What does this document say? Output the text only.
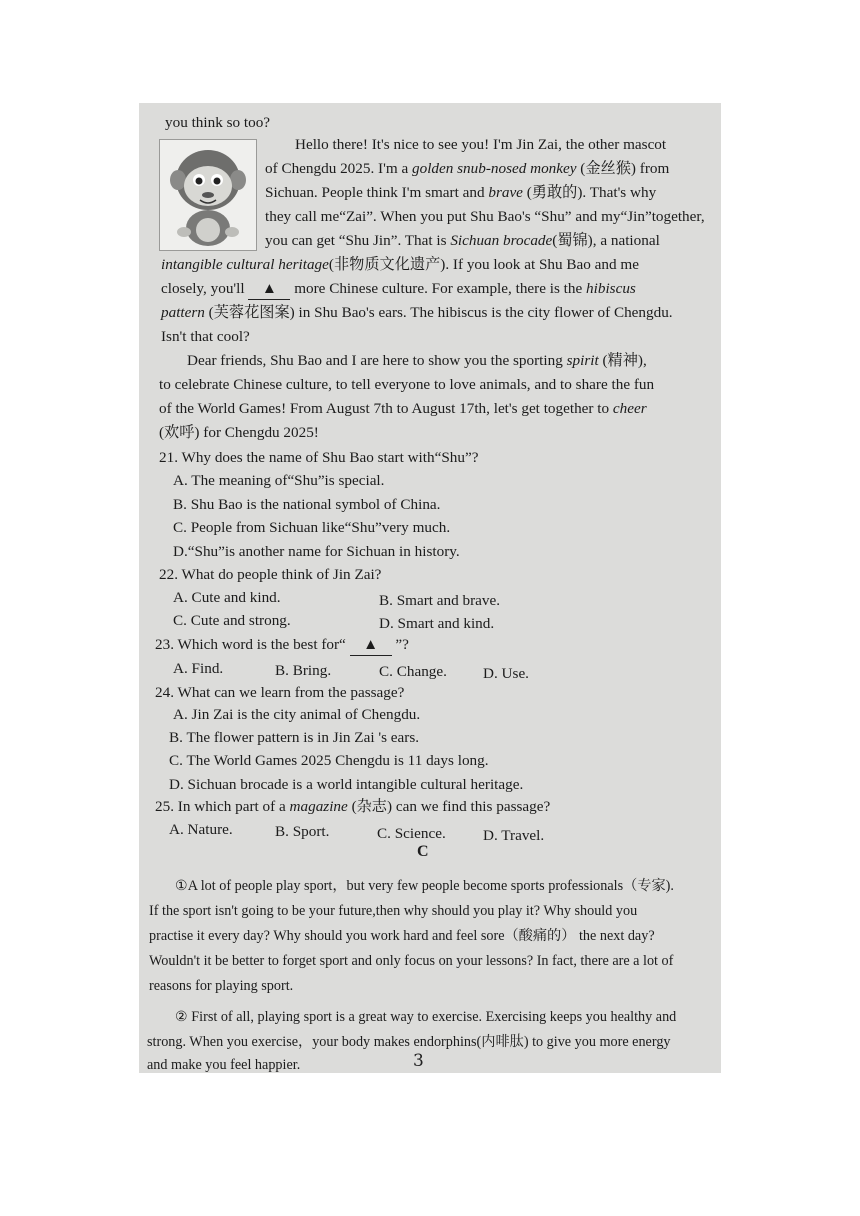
you think so too?
Hello there! It's nice to see you! I'm Jin Zai, the other mascot
of Chengdu 2025. I'm a golden snub-nosed monkey (金丝猴) from
Sichuan. People think I'm smart and brave (勇敢的). That's why
they call me“Zai”. When you put Shu Bao's “Shu” and my“Jin”together,
you can get “Shu Jin”. That is Sichuan brocade(蜀锦), a national
intangible cultural heritage(非物质文化遗产). If you look at Shu Bao and me
closely, you'll ▲ more Chinese culture. For example, there is the hibiscus
pattern (芙蓉花图案) in Shu Bao's ears. The hibiscus is the city flower of Chengdu.
Isn't that cool?
Dear friends, Shu Bao and I are here to show you the sporting spirit (精神),
to celebrate Chinese culture, to tell everyone to love animals, and to share the fun
of the World Games! From August 7th to August 17th, let's get together to cheer
(欢呼) for Chengdu 2025!
21. Why does the name of Shu Bao start with“Shu”?
A. The meaning of“Shu”is special.
B. Shu Bao is the national symbol of China.
C. People from Sichuan like“Shu”very much.
D.“Shu”is another name for Sichuan in history.
22. What do people think of Jin Zai?
A. Cute and kind.	B. Smart and brave.
C. Cute and strong.	D. Smart and kind.
23. Which word is the best for“ ▲ ”?
A. Find.	B. Bring.	C. Change. D. Use.
24. What can we learn from the passage?
A. Jin Zai is the city animal of Chengdu.
B. The flower pattern is in Jin Zai 's ears.
C. The World Games 2025 Chengdu is 11 days long.
D. Sichuan brocade is a world intangible cultural heritage.
25. In which part of a magazine (杂志) can we find this passage?
A. Nature.	B. Sport.	C. Science. D. Travel.
①A lot of people play sport，but very few people become sports professionals（专家).
If the sport isn't going to be your future,then why should you play it? Why should you
practise it every day? Why should you work hard and feel sore（酸痛的） the next day?
Wouldn't it be better to forget sport and only focus on your lessons? In fact, there are a lot of
reasons for playing sport.
② First of all, playing sport is a great way to exercise. Exercising keeps you healthy and
strong. When you exercise，your body makes endorphins(内啡肽) to give you more energy
and make you feel happier.
C
3
